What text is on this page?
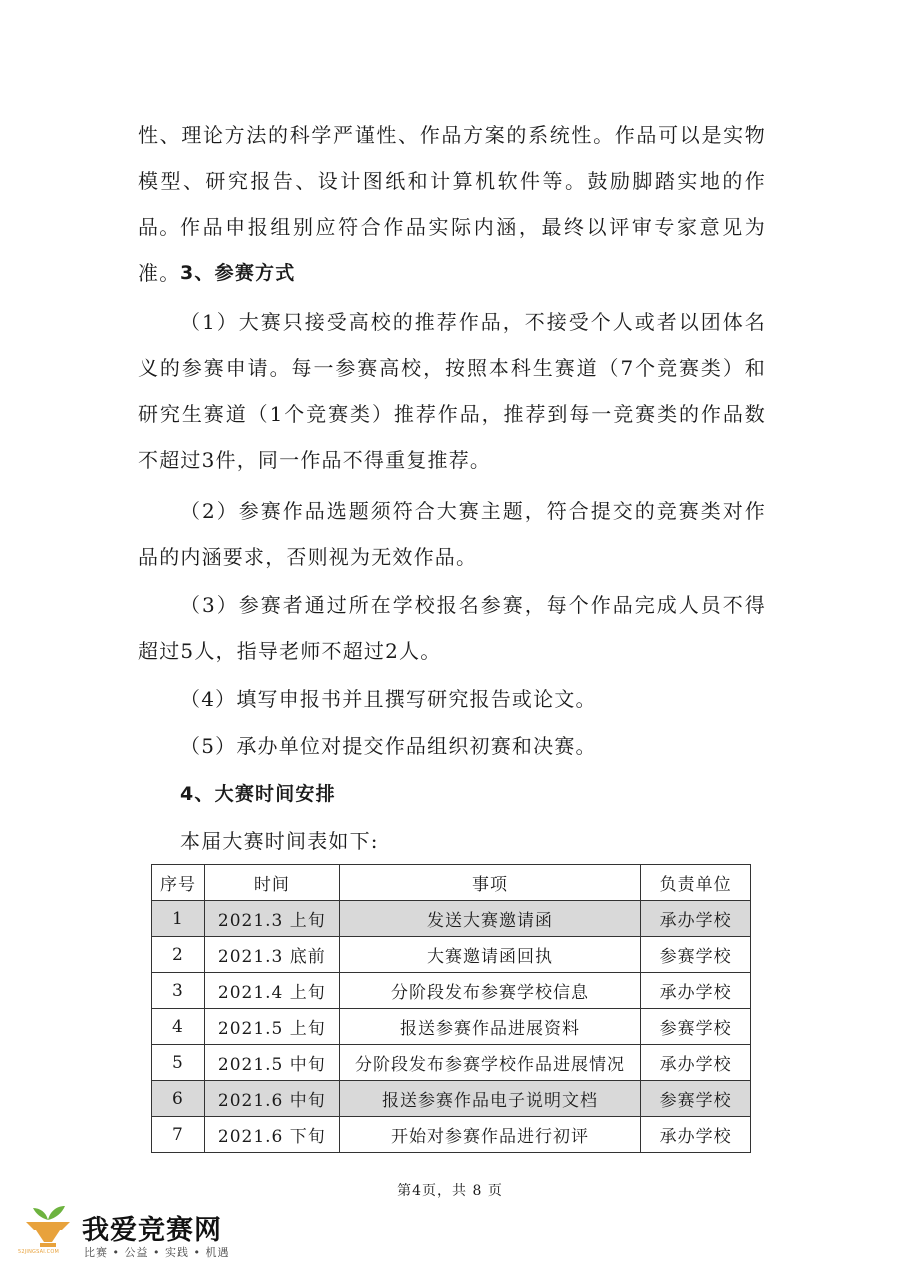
性、理论方法的科学严谨性、作品方案的系统性。作品可以是实物模型、研究报告、设计图纸和计算机软件等。鼓励脚踏实地的作品。 作品申报组别应符合作品实际内涵，最终以评审专家意见为准。 3、参赛方式

（1）大赛只接受高校的推荐作品，不接受个人或者以团体名义的参赛申请。每一参赛高校，按照本科生赛道（7个竞赛类）和研究生赛道（1个竞赛类）推荐作品，推荐到每一竞赛类的作品数不超过3件，同一作品不得重复推荐。

（2）参赛作品选题须符合大赛主题，符合提交的竞赛类对作品的内涵要求，否则视为无效作品。

（3）参赛者通过所在学校报名参赛，每个作品完成人员不得超过5人，指导老师不超过2人。

（4）填写申报书并且撰写研究报告或论文。

（5）承办单位对提交作品组织初赛和决赛。

4、大赛时间安排

本届大赛时间表如下:

序号	时间	事项	负责单位
1	2021.3 上旬	发送大赛邀请函	承办学校
2	2021.3 底前	大赛邀请函回执	参赛学校
3	2021.4 上旬	分阶段发布参赛学校信息	承办学校
4	2021.5 上旬	报送参赛作品进展资料	参赛学校
5	2021.5 中旬	分阶段发布参赛学校作品进展情况	承办学校
6	2021.6 中旬	报送参赛作品电子说明文档	参赛学校
7	2021.6 下旬	开始对参赛作品进行初评	承办学校
第4页，共 8 页
52JINGSAI.COM
我爱竞赛网
比赛 • 公益 • 实践 • 机遇
